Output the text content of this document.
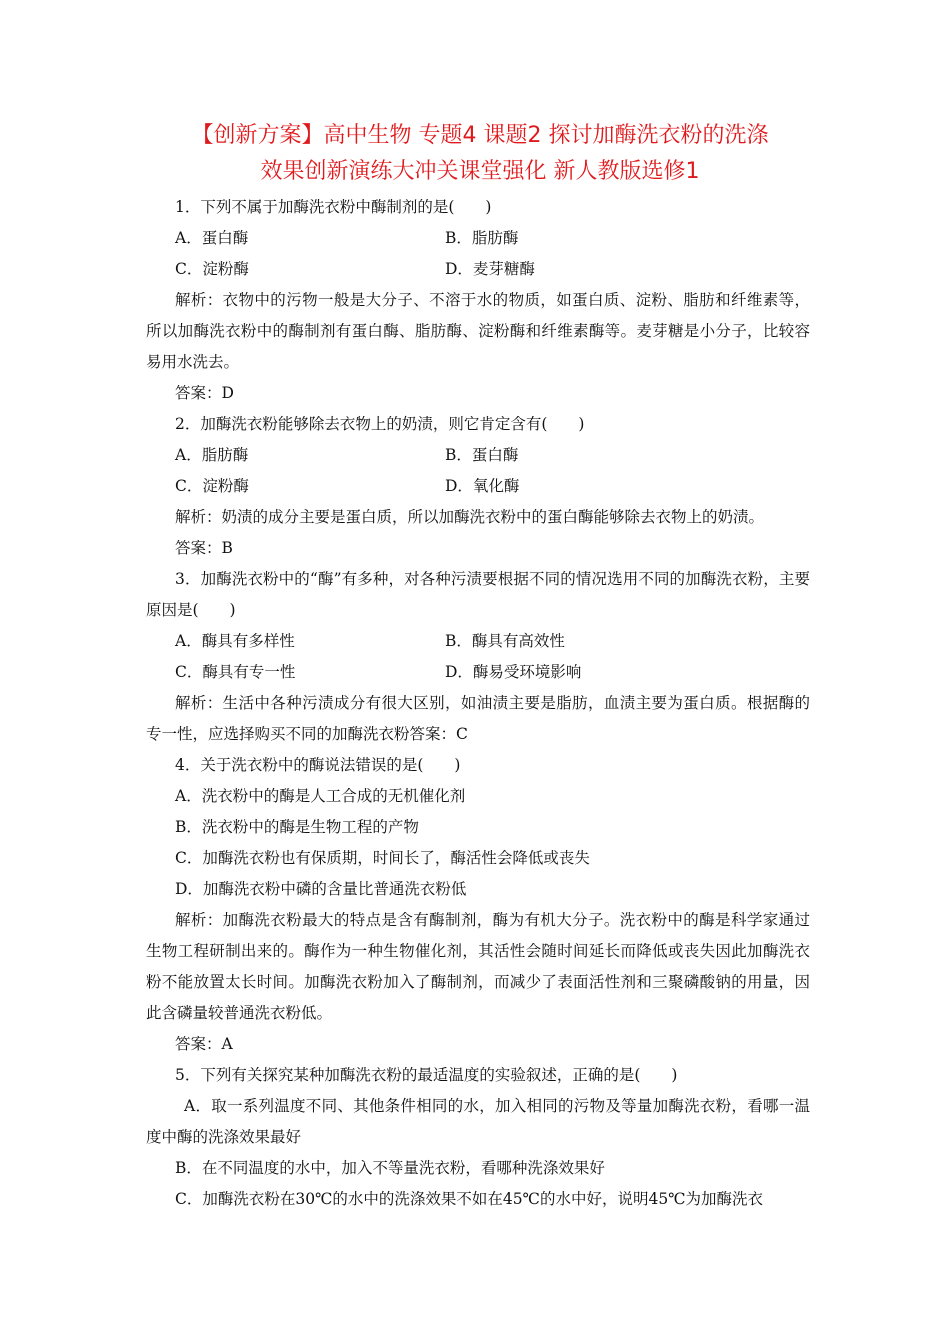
【创新方案】高中生物 专题4 课题2 探讨加酶洗衣粉的洗涤
效果创新演练大冲关课堂强化 新人教版选修1
1．下列不属于加酶洗衣粉中酶制剂的是(　　)
A．蛋白酶	B．脂肪酶
C．淀粉酶	D．麦芽糖酶
解析：衣物中的污物一般是大分子、不溶于水的物质，如蛋白质、淀粉、脂肪和纤维素等，所以加酶洗衣粉中的酶制剂有蛋白酶、脂肪酶、淀粉酶和纤维素酶等。麦芽糖是小分子，比较容易用水洗去。
答案：D
2．加酶洗衣粉能够除去衣物上的奶渍，则它肯定含有(　　)
A．脂肪酶	B．蛋白酶
C．淀粉酶	D．氧化酶
解析：奶渍的成分主要是蛋白质，所以加酶洗衣粉中的蛋白酶能够除去衣物上的奶渍。
答案：B
3．加酶洗衣粉中的“酶”有多种，对各种污渍要根据不同的情况选用不同的加酶洗衣粉，主要原因是(　　)
A．酶具有多样性	B．酶具有高效性
C．酶具有专一性	D．酶易受环境影响
解析：生活中各种污渍成分有很大区别，如油渍主要是脂肪，血渍主要为蛋白质。根据酶的专一性，应选择购买不同的加酶洗衣粉答案：C
4．关于洗衣粉中的酶说法错误的是(　　)
A．洗衣粉中的酶是人工合成的无机催化剂
B．洗衣粉中的酶是生物工程的产物
C．加酶洗衣粉也有保质期，时间长了，酶活性会降低或丧失
D．加酶洗衣粉中磷的含量比普通洗衣粉低
解析：加酶洗衣粉最大的特点是含有酶制剂，酶为有机大分子。洗衣粉中的酶是科学家通过生物工程研制出来的。酶作为一种生物催化剂，其活性会随时间延长而降低或丧失因此加酶洗衣粉不能放置太长时间。加酶洗衣粉加入了酶制剂，而减少了表面活性剂和三聚磷酸钠的用量，因此含磷量较普通洗衣粉低。
答案：A
5．下列有关探究某种加酶洗衣粉的最适温度的实验叙述，正确的是(　　)
A．取一系列温度不同、其他条件相同的水，加入相同的污物及等量加酶洗衣粉，看哪一温度中酶的洗涤效果最好
B．在不同温度的水中，加入不等量洗衣粉，看哪种洗涤效果好
C．加酶洗衣粉在30℃的水中的洗涤效果不如在45℃的水中好，说明45℃为加酶洗衣
